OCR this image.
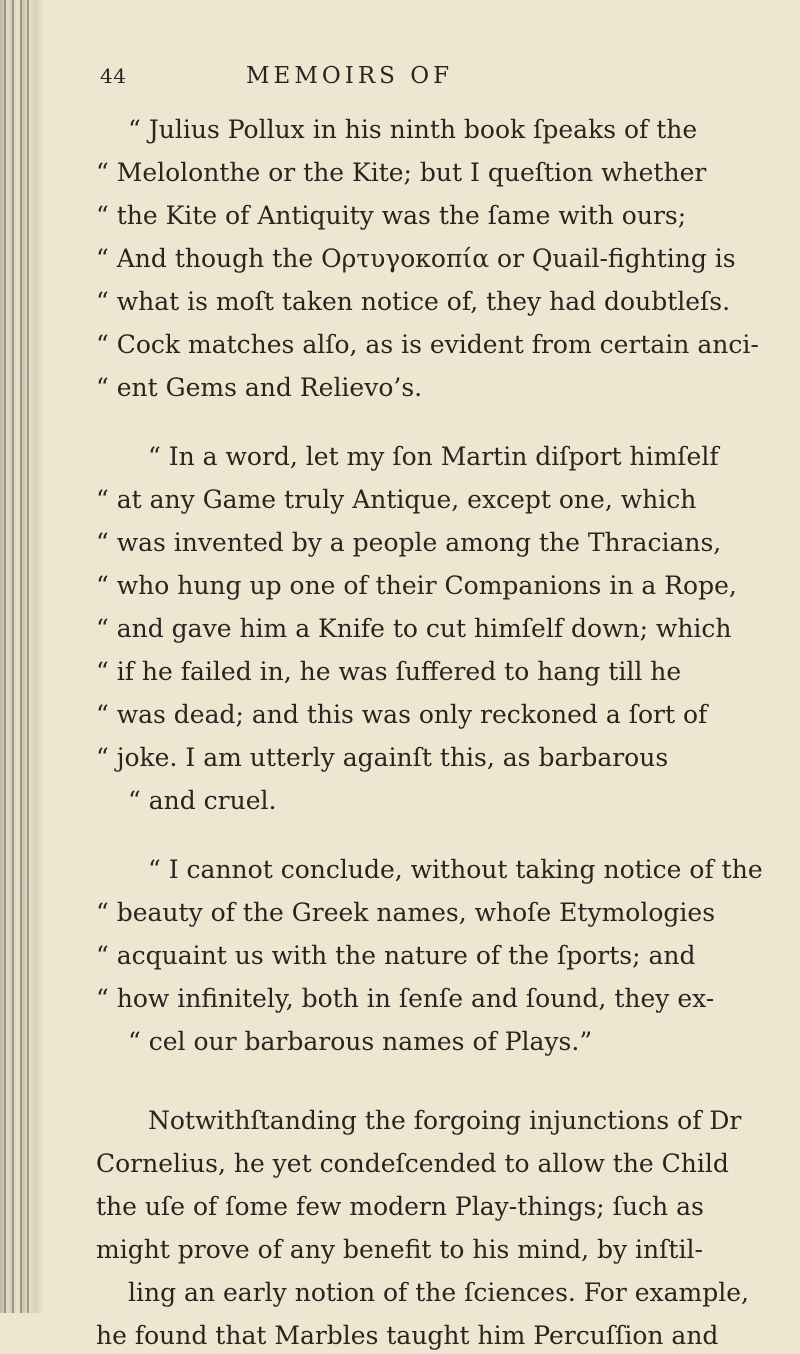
44	MEMOIRS OF
“ Julius Pollux in his ninth book ſpeaks of the
“ Melolonthe or the Kite; but I queſtion whether
“ the Kite of Antiquity was the ſame with ours;
“ And though the Ορτυγοκοπία or Quail-fighting is
“ what is moſt taken notice of, they had doubtleſs.
“ Cock matches alſo, as is evident from certain anci-
“ ent Gems and Relievo’s.
“ In a word, let my ſon Martin diſport himſelf
“ at any Game truly Antique, except one, which
“ was invented by a people among the Thracians,
“ who hung up one of their Companions in a Rope,
“ and gave him a Knife to cut himſelf down; which
“ if he failed in, he was ſuffered to hang till he
“ was dead; and this was only reckoned a ſort of
“ joke. I am utterly againſt this, as barbarous
“ and cruel.
“ I cannot conclude, without taking notice of the
“ beauty of the Greek names, whoſe Etymologies
“ acquaint us with the nature of the ſports; and
“ how infinitely, both in ſenſe and ſound, they ex-
“ cel our barbarous names of Plays.”
Notwithſtanding the forgoing injunctions of Dr
Cornelius, he yet condeſcended to allow the Child
the uſe of ſome few modern Play-things; ſuch as
might prove of any benefit to his mind, by inſtil-
ling an early notion of the ſciences. For example,
he found that Marbles taught him Percuſſion and
